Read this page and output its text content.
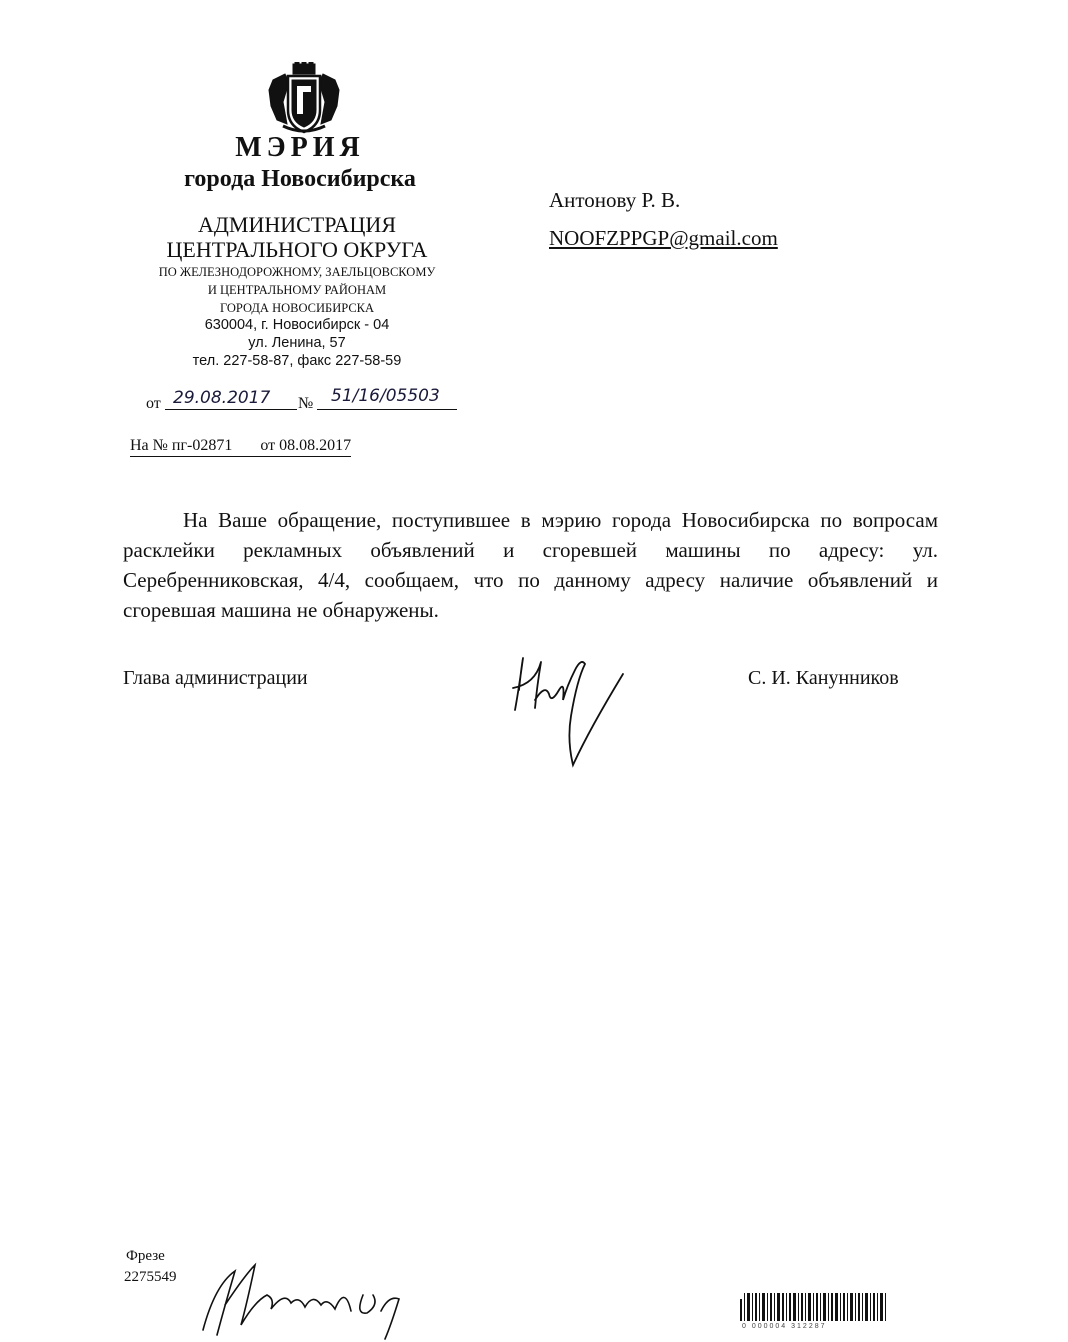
МЭРИЯ
города Новосибирска
АДМИНИСТРАЦИЯ
ЦЕНТРАЛЬНОГО ОКРУГА
ПО ЖЕЛЕЗНОДОРОЖНОМУ, ЗАЕЛЬЦОВСКОМУ
И ЦЕНТРАЛЬНОМУ РАЙОНАМ
ГОРОДА НОВОСИБИРСКА
630004, г. Новосибирск - 04
ул. Ленина, 57
тел. 227-58-87, факс 227-58-59
от 29.08.2017	№	51/16/05503
На № пг-02871       от 08.08.2017
Антонову Р. В.
NOOFZPPGP@gmail.com
На Ваше обращение, поступившее в мэрию города Новосибирска по вопросам расклейки рекламных объявлений и сгоревшей машины по адресу: ул. Серебренниковская, 4/4, сообщаем, что по данному адресу наличие объявлений и сгоревшая машина не обнаружены.
Глава администрации	С. И. Канунников
Фрезе
2275549
0 000004 312287
